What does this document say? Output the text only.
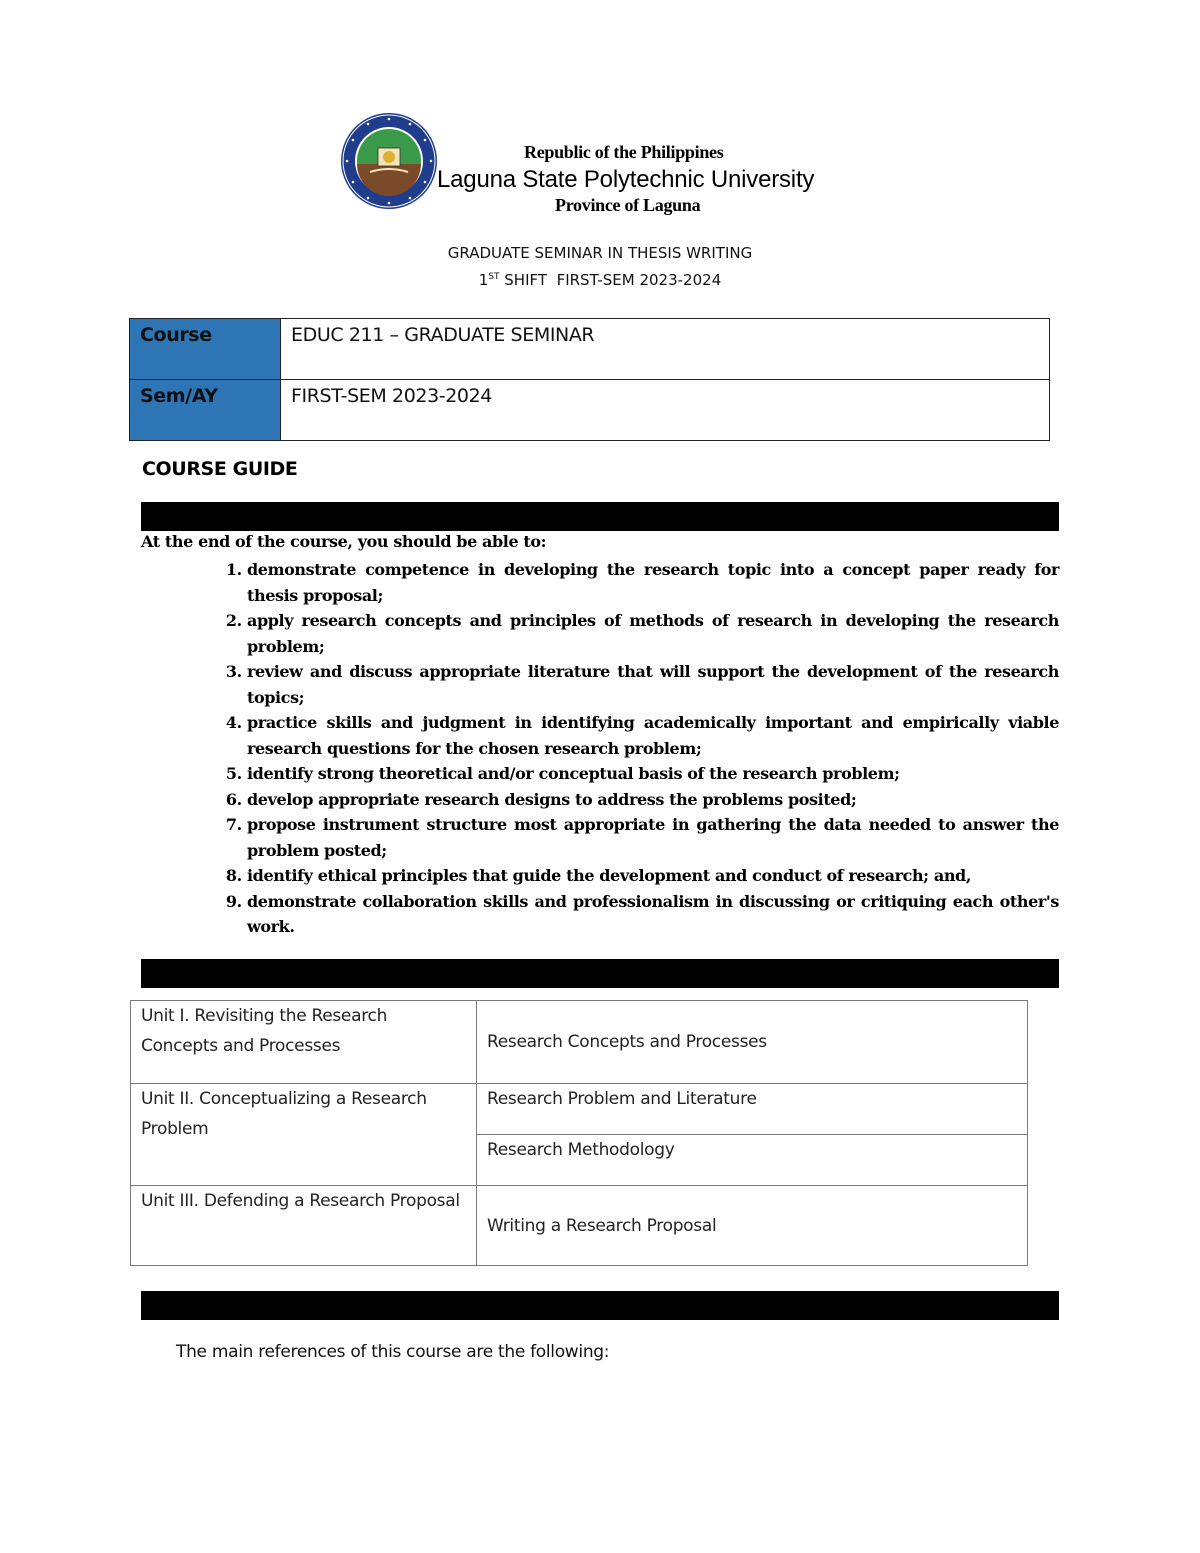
Republic of the Philippines
Laguna State Polytechnic University
Province of Laguna
GRADUATE SEMINAR IN THESIS WRITING
1ST SHIFT  FIRST-SEM 2023-2024
Course	EDUC 211 – GRADUATE SEMINAR
Sem/AY	FIRST-SEM 2023-2024
COURSE GUIDE
At the end of the course, you should be able to:
1. demonstrate competence in developing the research topic into a concept paper ready for thesis proposal;
2. apply research concepts and principles of methods of research in developing the research problem;
3. review and discuss appropriate literature that will support the development of the research topics;
4. practice skills and judgment in identifying academically important and empirically viable research questions for the chosen research problem;
5. identify strong theoretical and/or conceptual basis of the research problem;
6. develop appropriate research designs to address the problems posited;
7. propose instrument structure most appropriate in gathering the data needed to answer the problem posted;
8. identify ethical principles that guide the development and conduct of research; and,
9. demonstrate collaboration skills and professionalism in discussing or critiquing each other's work.
Unit I. Revisiting the Research Concepts and Processes	Research Concepts and Processes
Unit II. Conceptualizing a Research Problem	Research Problem and Literature
	Research Methodology
Unit III. Defending a Research Proposal	Writing a Research Proposal
The main references of this course are the following:
